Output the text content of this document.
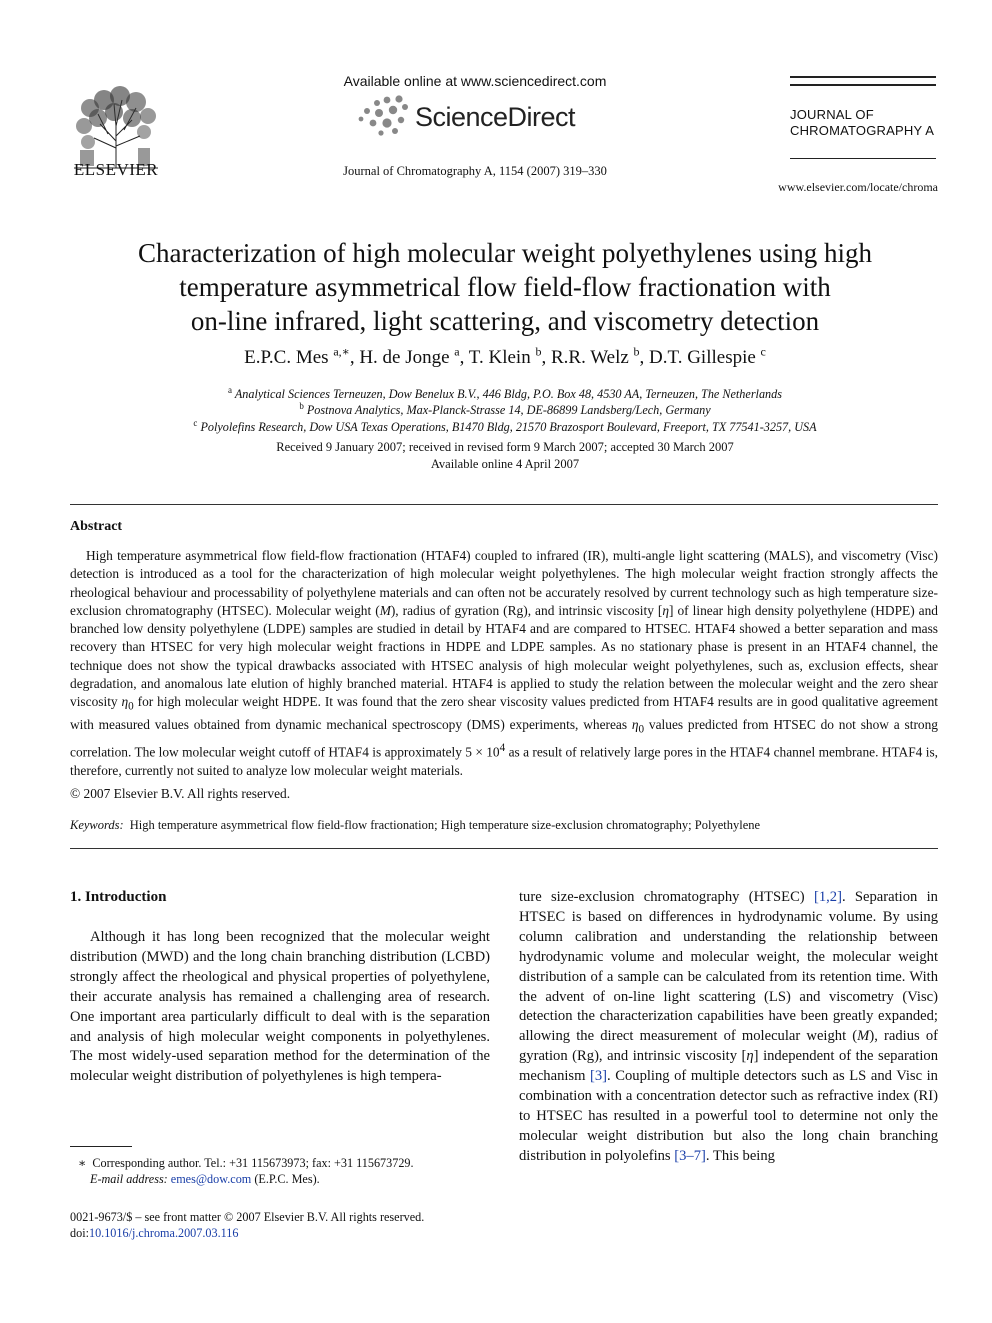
ELSEVIER
Available online at www.sciencedirect.com
ScienceDirect
Journal of Chromatography A, 1154 (2007) 319–330
JOURNAL OF
CHROMATOGRAPHY A
www.elsevier.com/locate/chroma
Characterization of high molecular weight polyethylenes using high
temperature asymmetrical flow field-flow fractionation with
on-line infrared, light scattering, and viscometry detection
E.P.C. Mes $^{a,∗}$, H. de Jonge $^a$, T. Klein $^b$, R.R. Welz $^b$, D.T. Gillespie $^c$
$^a$ Analytical Sciences Terneuzen, Dow Benelux B.V., 446 Bldg, P.O. Box 48, 4530 AA, Terneuzen, The Netherlands
$^b$ Postnova Analytics, Max-Planck-Strasse 14, DE-86899 Landsberg/Lech, Germany
$^c$ Polyolefins Research, Dow USA Texas Operations, B1470 Bldg, 21570 Brazosport Boulevard, Freeport, TX 77541-3257, USA
Received 9 January 2007; received in revised form 9 March 2007; accepted 30 March 2007
Available online 4 April 2007
Abstract
High temperature asymmetrical flow field-flow fractionation (HTAF4) coupled to infrared (IR), multi-angle light scattering (MALS), and viscometry (Visc) detection is introduced as a tool for the characterization of high molecular weight polyethylenes. The high molecular weight fraction strongly affects the rheological behaviour and processability of polyethylene materials and can often not be accurately resolved by current technology such as high temperature size-exclusion chromatography (HTSEC). Molecular weight (M), radius of gyration (Rg), and intrinsic viscosity [η] of linear high density polyethylene (HDPE) and branched low density polyethylene (LDPE) samples are studied in detail by HTAF4 and are compared to HTSEC. HTAF4 showed a better separation and mass recovery than HTSEC for very high molecular weight fractions in HDPE and LDPE samples. As no stationary phase is present in an HTAF4 channel, the technique does not show the typical drawbacks associated with HTSEC analysis of high molecular weight polyethylenes, such as, exclusion effects, shear degradation, and anomalous late elution of highly branched material. HTAF4 is applied to study the relation between the molecular weight and the zero shear viscosity $\eta_0$ for high molecular weight HDPE. It was found that the zero shear viscosity values predicted from HTAF4 results are in good qualitative agreement with measured values obtained from dynamic mechanical spectroscopy (DMS) experiments, whereas $\eta_0$ values predicted from HTSEC do not show a strong correlation. The low molecular weight cutoff of HTAF4 is approximately $5 \times 10^4$ as a result of relatively large pores in the HTAF4 channel membrane. HTAF4 is, therefore, currently not suited to analyze low molecular weight materials.
© 2007 Elsevier B.V. All rights reserved.
Keywords: High temperature asymmetrical flow field-flow fractionation; High temperature size-exclusion chromatography; Polyethylene
1. Introduction
Although it has long been recognized that the molecular weight distribution (MWD) and the long chain branching distribution (LCBD) strongly affect the rheological and physical properties of polyethylene, their accurate analysis has remained a challenging area of research. One important area particularly difficult to deal with is the separation and analysis of high molecular weight components in polyethylenes. The most widely-used separation method for the determination of the molecular weight distribution of polyethylenes is high tempera-
ture size-exclusion chromatography (HTSEC) [1,2]. Separation in HTSEC is based on differences in hydrodynamic volume. By using column calibration and understanding the relationship between hydrodynamic volume and molecular weight, the molecular weight distribution of a sample can be calculated from its retention time. With the advent of on-line light scattering (LS) and viscometry (Visc) detection the characterization capabilities have been greatly expanded; allowing the direct measurement of molecular weight (M), radius of gyration (Rg), and intrinsic viscosity [η] independent of the separation mechanism [3]. Coupling of multiple detectors such as LS and Visc in combination with a concentration detector such as refractive index (RI) to HTSEC has resulted in a powerful tool to determine not only the molecular weight distribution but also the long chain branching distribution in polyolefins [3–7]. This being
∗  Corresponding author. Tel.: +31 115673973; fax: +31 115673729.
E-mail address: emes@dow.com (E.P.C. Mes).
0021-9673/$ – see front matter © 2007 Elsevier B.V. All rights reserved.
doi:10.1016/j.chroma.2007.03.116
